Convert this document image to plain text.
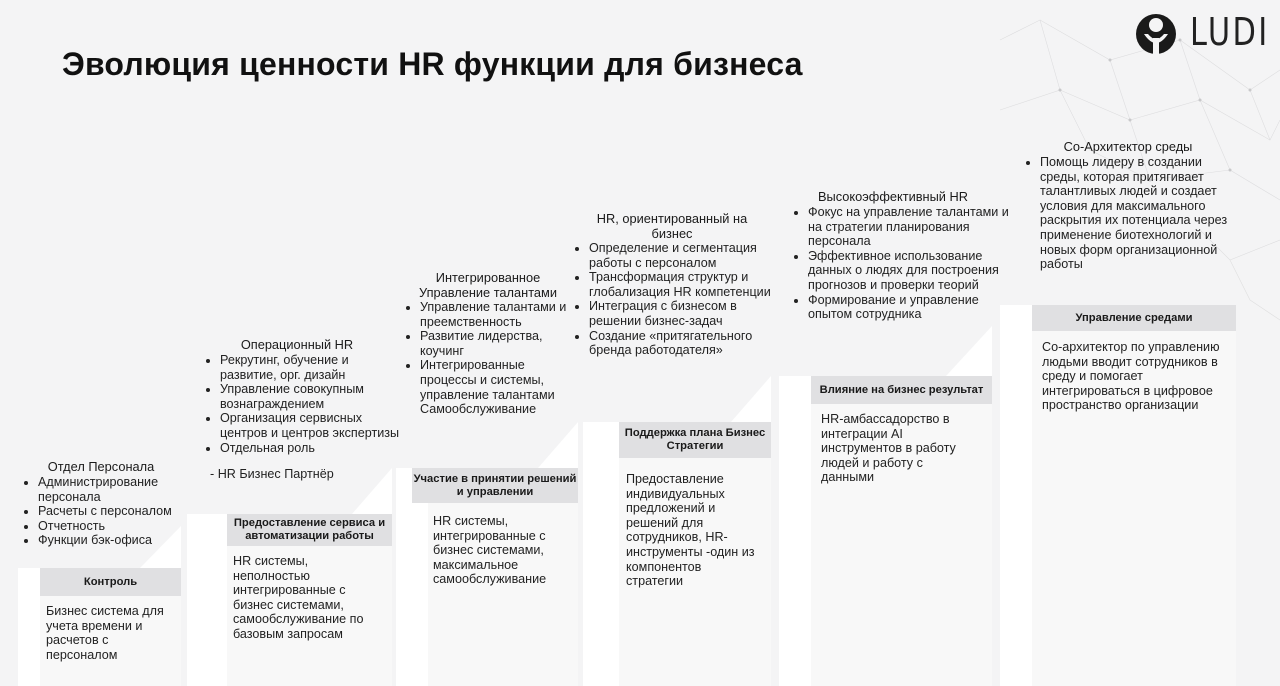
Эволюция ценности HR функции для бизнеса
LUDI
Отдел Персонала
• Администрирование персонала
• Расчеты с персоналом
• Отчетность
• Функции бэк-офиса
Контроль

Бизнес система для учета времени и расчетов с персоналом

Операционный HR
• Рекрутинг, обучение и развитие, орг. дизайн
• Управление совокупным вознаграждением
• Организация сервисных центров и центров экспертизы
• Отдельная роль
- HR Бизнес Партнёр
Предоставление сервиса и автоматизации работы

HR системы, неполностью интегрированные с бизнес системами, самообслуживание по базовым запросам

Интегрированное Управление талантами
• Управление талантами и преемственность
• Развитие лидерства, коучинг
• Интегрированные процессы и системы, управление талантами Самообслуживание
Участие в принятии решений и управлении

HR системы, интегрированные с бизнес системами, максимальное самообслуживание

HR, ориентированный на бизнес
• Определение и сегментация работы с персоналом
• Трансформация структур и глобализация HR компетенции
• Интеграция с бизнесом в решении бизнес-задач
• Создание «притягательного бренда работодателя»
Поддержка плана Бизнес Стратегии

Предоставление индивидуальных предложений и решений для сотрудников, HR-инструменты -один из компонентов стратегии

Высокоэффективный HR
• Фокус на управление талантами и на стратегии планирования персонала
• Эффективное использование данных о людях для построения прогнозов и проверки теорий
• Формирование и управление опытом сотрудника
Влияние на бизнес результат

HR-амбассадорство в интеграции AI инструментов в работу людей и работу с данными

Со-Архитектор среды
• Помощь лидеру в создании среды, которая притягивает талантливых людей и создает условия для максимального раскрытия их потенциала через применение биотехнологий и новых форм организационной работы
Управление средами

Со-архитектор по управлению людьми вводит сотрудников в среду и помогает интегрироваться в цифровое пространство организации
